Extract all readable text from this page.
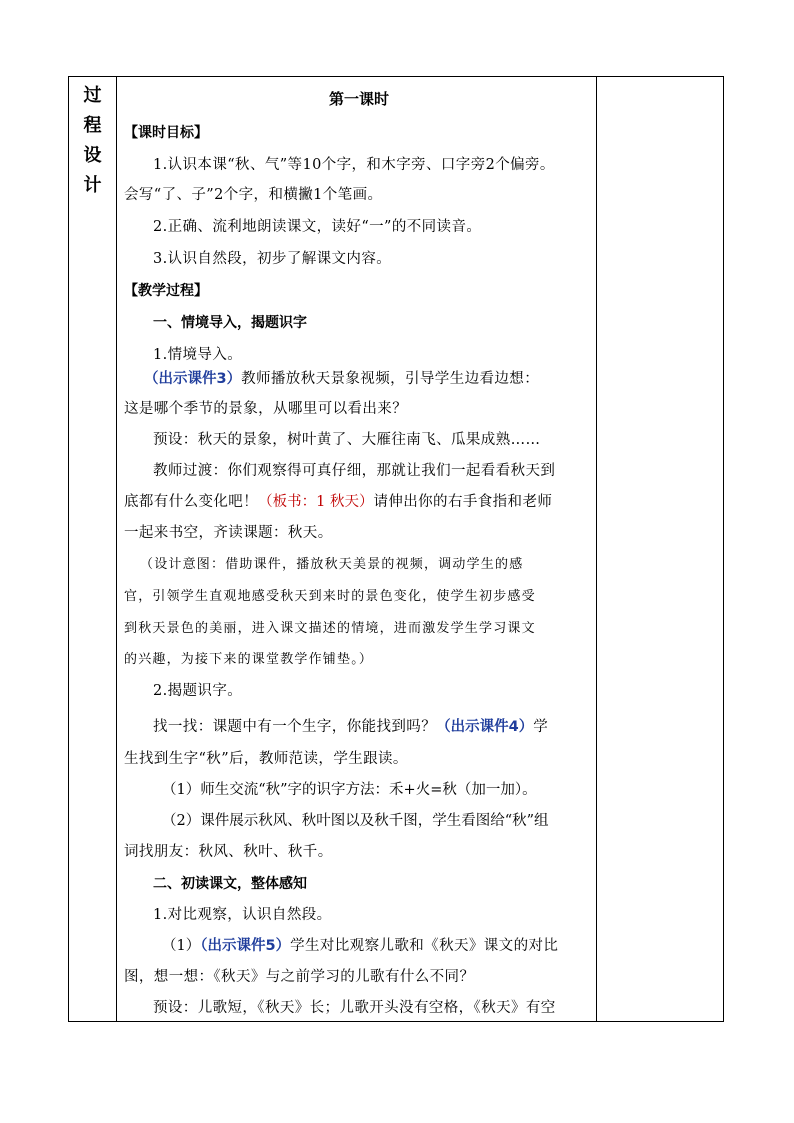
过
程
设
计
第一课时
【课时目标】
1.认识本课“秋、气”等10个字，和木字旁、口字旁2个偏旁。
会写“了、子”2个字，和横撇1个笔画。
2.正确、流利地朗读课文，读好“一”的不同读音。
3.认识自然段，初步了解课文内容。
【教学过程】
一、情境导入，揭题识字
1.情境导入。
（出示课件3）教师播放秋天景象视频，引导学生边看边想：
这是哪个季节的景象，从哪里可以看出来？
预设：秋天的景象，树叶黄了、大雁往南飞、瓜果成熟……
教师过渡：你们观察得可真仔细，那就让我们一起看看秋天到
底都有什么变化吧！（板书：1 秋天）请伸出你的右手食指和老师
一起来书空，齐读课题：秋天。
（设计意图：借助课件，播放秋天美景的视频，调动学生的感
官，引领学生直观地感受秋天到来时的景色变化，使学生初步感受
到秋天景色的美丽，进入课文描述的情境，进而激发学生学习课文
的兴趣，为接下来的课堂教学作铺垫。）
2.揭题识字。
找一找：课题中有一个生字，你能找到吗？（出示课件4）学
生找到生字“秋”后，教师范读，学生跟读。
（1）师生交流“秋”字的识字方法：禾+火=秋（加一加）。
（2）课件展示秋风、秋叶图以及秋千图，学生看图给“秋”组
词找朋友：秋风、秋叶、秋千。
二、初读课文，整体感知
1.对比观察，认识自然段。
（1）（出示课件5）学生对比观察儿歌和《秋天》课文的对比
图，想一想：《秋天》与之前学习的儿歌有什么不同？
预设：儿歌短，《秋天》长；儿歌开头没有空格，《秋天》有空
